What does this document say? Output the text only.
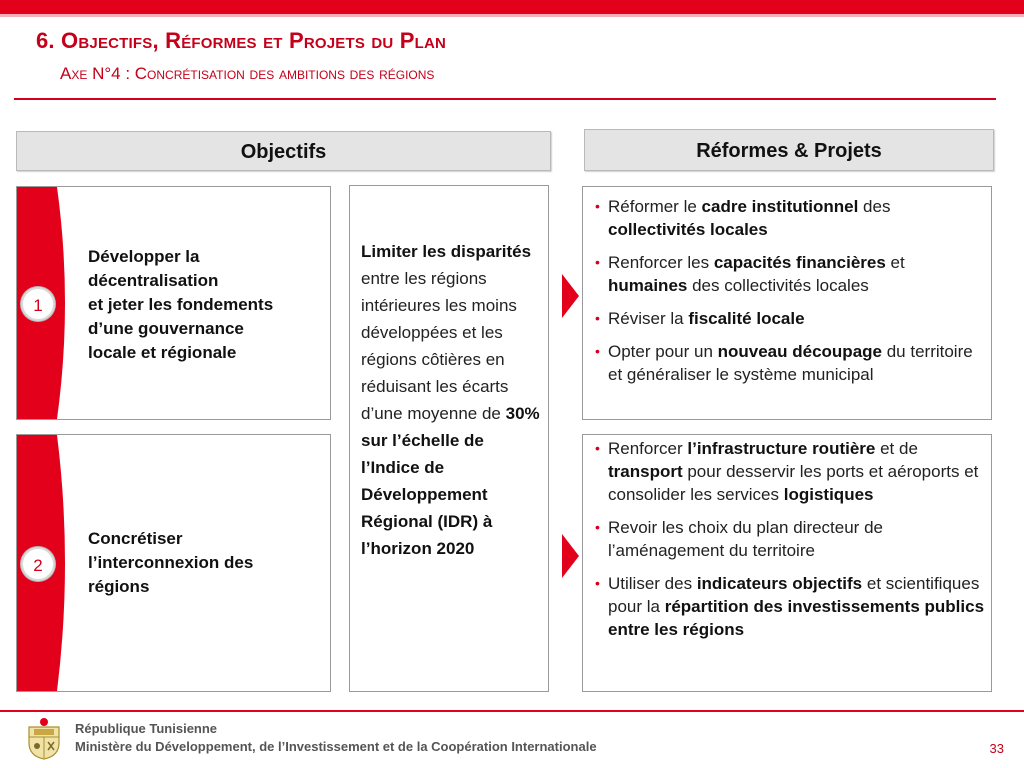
6. Objectifs, Réformes et Projets du Plan
Axe N°4 : Concrétisation des ambitions des régions
Objectifs	Réformes & Projets
Développer la
décentralisation
et jeter les fondements
d’une gouvernance
locale et régionale
1
Concrétiser
l’interconnexion des
régions
2
Limiter les disparités entre les régions intérieures les moins développées et les régions côtières en réduisant les écarts d’une moyenne de 30% sur l’échelle de l’Indice de Développement Régional (IDR) à l’horizon 2020
• Réformer le cadre institutionnel des collectivités locales
• Renforcer les capacités financières et humaines des collectivités locales
• Réviser la fiscalité locale
• Opter pour un nouveau découpage du territoire et généraliser le système municipal
• Renforcer l’infrastructure routière et de transport pour desservir les ports et aéroports et consolider les services logistiques
• Revoir les choix du plan directeur de l’aménagement du territoire
• Utiliser des indicateurs objectifs et scientifiques pour la répartition des investissements publics entre les régions
République Tunisienne
Ministère du Développement, de l’Investissement et de la Coopération Internationale	33
